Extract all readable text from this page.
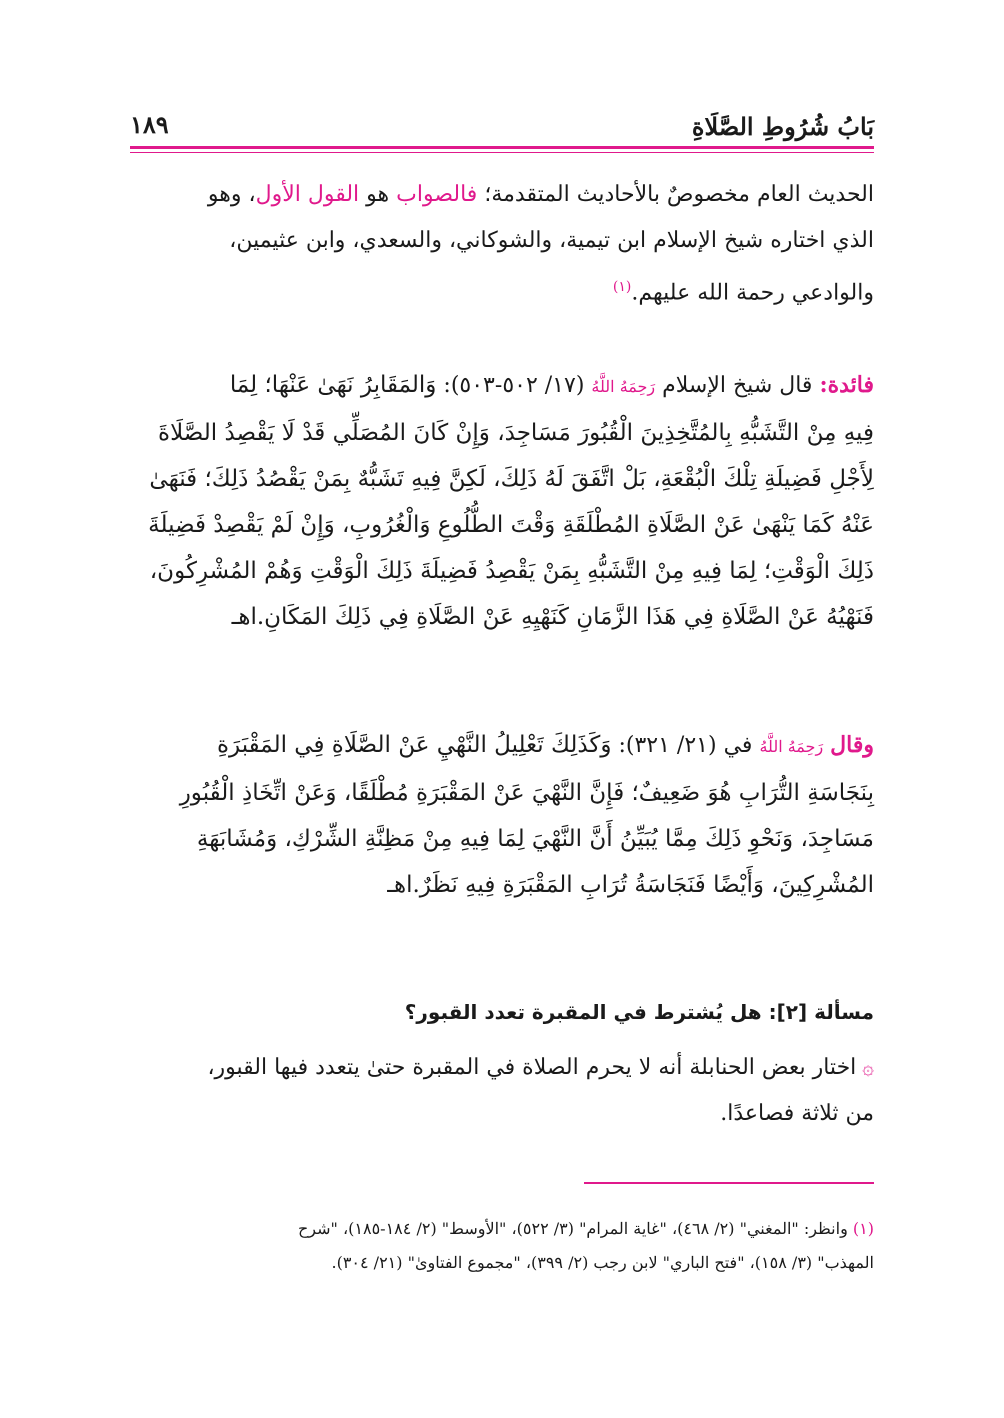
بَابُ شُرُوطِ الصَّلَاةِ
١٨٩
الحديث العام مخصوصٌ بالأحاديث المتقدمة؛ فالصواب هو القول الأول، وهو
الذي اختاره شيخ الإسلام ابن تيمية، والشوكاني، والسعدي، وابن عثيمين،
والوادعي رحمة الله عليهم.$^{(١)}$
فائدة: قال شيخ الإسلام رَحِمَهُ اللَّهُ (١٧/ ٥٠٢-٥٠٣): وَالمَقَابِرُ نَهَىٰ عَنْهَا؛ لِمَا
فِيهِ مِنْ التَّشَبُّهِ بِالمُتَّخِذِينَ الْقُبُورَ مَسَاجِدَ، وَإِنْ كَانَ المُصَلِّي قَدْ لَا يَقْصِدُ الصَّلَاةَ
لِأَجْلِ فَضِيلَةِ تِلْكَ الْبُقْعَةِ، بَلْ اتَّفَقَ لَهُ ذَلِكَ، لَكِنَّ فِيهِ تَشَبُّهٌ بِمَنْ يَقْصُدُ ذَلِكَ؛ فَنَهَىٰ
عَنْهُ كَمَا يَنْهَىٰ عَنْ الصَّلَاةِ المُطْلَقَةِ وَقْتَ الطُّلُوعِ وَالْغُرُوبِ، وَإِنْ لَمْ يَقْصِدْ فَضِيلَةَ
ذَلِكَ الْوَقْتِ؛ لِمَا فِيهِ مِنْ التَّشَبُّهِ بِمَنْ يَقْصِدُ فَضِيلَةَ ذَلِكَ الْوَقْتِ وَهُمْ المُشْرِكُونَ،
فَنَهْيُهُ عَنْ الصَّلَاةِ فِي هَذَا الزَّمَانِ كَنَهْيِهِ عَنْ الصَّلَاةِ فِي ذَلِكَ المَكَانِ.اهـ
وقال رَحِمَهُ اللَّهُ في (٢١/ ٣٢١): وَكَذَلِكَ تَعْلِيلُ النَّهْيِ عَنْ الصَّلَاةِ فِي المَقْبَرَةِ
بِنَجَاسَةِ التُّرَابِ هُوَ ضَعِيفٌ؛ فَإِنَّ النَّهْيَ عَنْ المَقْبَرَةِ مُطْلَقًا، وَعَنْ اتِّخَاذِ الْقُبُورِ
مَسَاجِدَ، وَنَحْوِ ذَلِكَ مِمَّا يُبَيِّنُ أَنَّ النَّهْيَ لِمَا فِيهِ مِنْ مَظِنَّةِ الشِّرْكِ، وَمُشَابَهَةِ
المُشْرِكِينَ، وَأَيْضًا فَنَجَاسَةُ تُرَابِ المَقْبَرَةِ فِيهِ نَظَرٌ.اهـ
مسألة [٢]: هل يُشترط في المقبرة تعدد القبور؟
۞اختار بعض الحنابلة أنه لا يحرم الصلاة في المقبرة حتىٰ يتعدد فيها القبور،
من ثلاثة فصاعدًا.
(١) وانظر: "المغني" (٢/ ٤٦٨)، "غاية المرام" (٣/ ٥٢٢)، "الأوسط" (٢/ ١٨٤-١٨٥)، "شرح
المهذب" (٣/ ١٥٨)، "فتح الباري" لابن رجب (٢/ ٣٩٩)، "مجموع الفتاوىٰ" (٢١/ ٣٠٤).
